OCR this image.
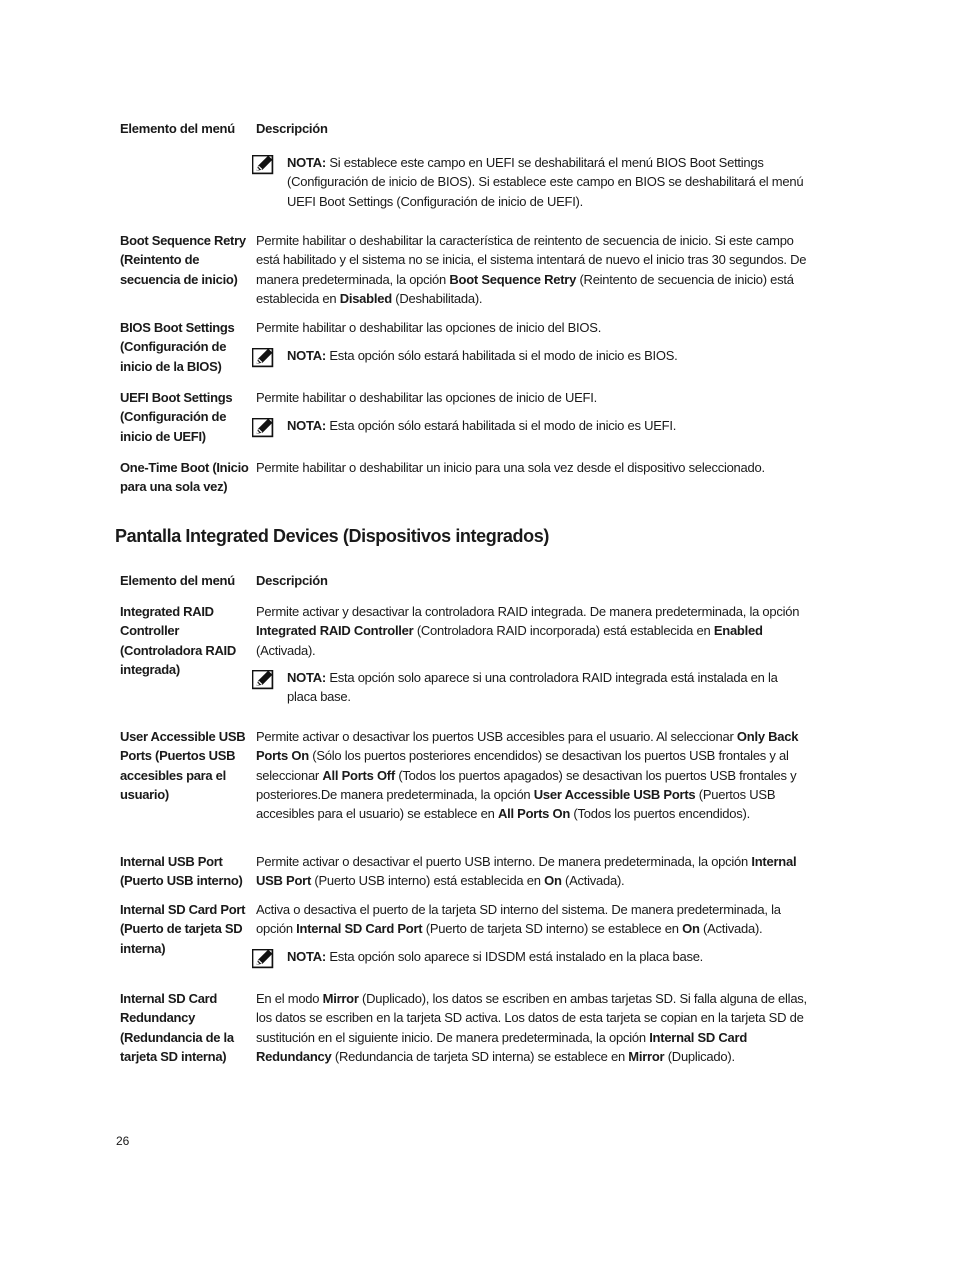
Elemento del menú Descripción
NOTA: Si establece este campo en UEFI se deshabilitará el menú BIOS Boot Settings (Configuración de inicio de BIOS). Si establece este campo en BIOS se deshabilitará el menú UEFI Boot Settings (Configuración de inicio de UEFI).
Boot Sequence Retry (Reintento de secuencia de inicio)
Permite habilitar o deshabilitar la característica de reintento de secuencia de inicio. Si este campo está habilitado y el sistema no se inicia, el sistema intentará de nuevo el inicio tras 30 segundos. De manera predeterminada, la opción Boot Sequence Retry (Reintento de secuencia de inicio) está establecida en Disabled (Deshabilitada).
BIOS Boot Settings (Configuración de inicio de la BIOS)
Permite habilitar o deshabilitar las opciones de inicio del BIOS.
NOTA: Esta opción sólo estará habilitada si el modo de inicio es BIOS.
UEFI Boot Settings (Configuración de inicio de UEFI)
Permite habilitar o deshabilitar las opciones de inicio de UEFI.
NOTA: Esta opción sólo estará habilitada si el modo de inicio es UEFI.
One-Time Boot (Inicio para una sola vez)
Permite habilitar o deshabilitar un inicio para una sola vez desde el dispositivo seleccionado.
Pantalla Integrated Devices (Dispositivos integrados)
Elemento del menú Descripción
Integrated RAID Controller (Controladora RAID integrada)
Permite activar y desactivar la controladora RAID integrada. De manera predeterminada, la opción Integrated RAID Controller (Controladora RAID incorporada) está establecida en Enabled (Activada).
NOTA: Esta opción solo aparece si una controladora RAID integrada está instalada en la placa base.
User Accessible USB Ports (Puertos USB accesibles para el usuario)
Permite activar o desactivar los puertos USB accesibles para el usuario. Al seleccionar Only Back Ports On (Sólo los puertos posteriores encendidos) se desactivan los puertos USB frontales y al seleccionar All Ports Off (Todos los puertos apagados) se desactivan los puertos USB frontales y posteriores.De manera predeterminada, la opción User Accessible USB Ports (Puertos USB accesibles para el usuario) se establece en All Ports On (Todos los puertos encendidos).
Internal USB Port (Puerto USB interno)
Permite activar o desactivar el puerto USB interno. De manera predeterminada, la opción Internal USB Port (Puerto USB interno) está establecida en On (Activada).
Internal SD Card Port (Puerto de tarjeta SD interna)
Activa o desactiva el puerto de la tarjeta SD interno del sistema. De manera predeterminada, la opción Internal SD Card Port (Puerto de tarjeta SD interno) se establece en On (Activada).
NOTA: Esta opción solo aparece si IDSDM está instalado en la placa base.
Internal SD Card Redundancy (Redundancia de la tarjeta SD interna)
En el modo Mirror (Duplicado), los datos se escriben en ambas tarjetas SD. Si falla alguna de ellas, los datos se escriben en la tarjeta SD activa. Los datos de esta tarjeta se copian en la tarjeta SD de sustitución en el siguiente inicio. De manera predeterminada, la opción Internal SD Card Redundancy (Redundancia de tarjeta SD interna) se establece en Mirror (Duplicado).
26
